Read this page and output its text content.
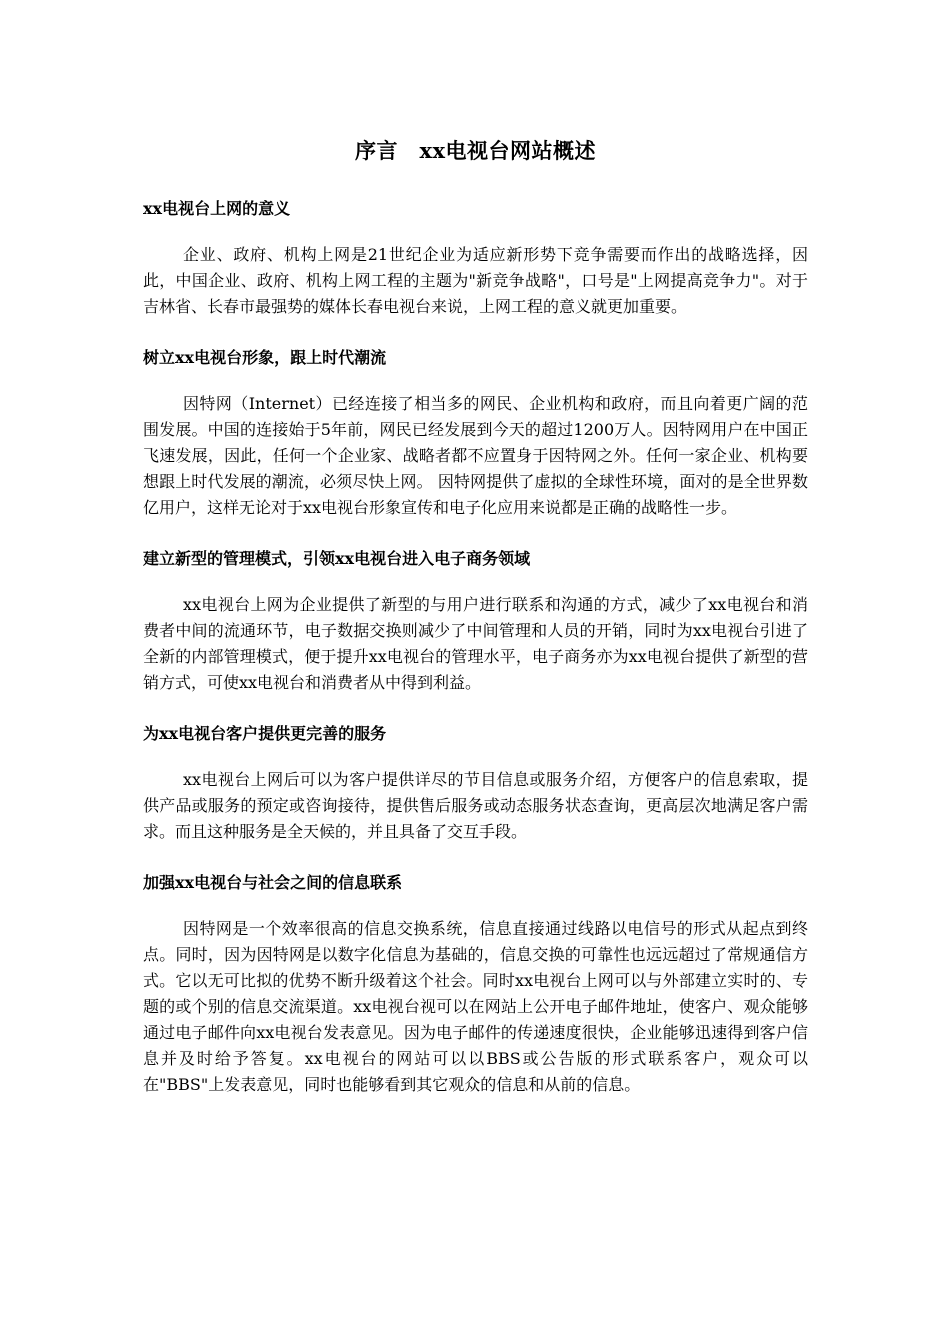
序言　xx电视台网站概述
xx电视台上网的意义

企业、政府、机构上网是21世纪企业为适应新形势下竞争需要而作出的战略选择，因此，中国企业、政府、机构上网工程的主题为"新竞争战略"，口号是"上网提高竞争力"。对于吉林省、长春市最强势的媒体长春电视台来说，上网工程的意义就更加重要。

树立xx电视台形象，跟上时代潮流

因特网（Internet）已经连接了相当多的网民、企业机构和政府，而且向着更广阔的范围发展。中国的连接始于5年前，网民已经发展到今天的超过1200万人。因特网用户在中国正飞速发展，因此，任何一个企业家、战略者都不应置身于因特网之外。任何一家企业、机构要想跟上时代发展的潮流，必须尽快上网。 因特网提供了虚拟的全球性环境，面对的是全世界数亿用户，这样无论对于xx电视台形象宣传和电子化应用来说都是正确的战略性一步。

建立新型的管理模式，引领xx电视台进入电子商务领域

xx电视台上网为企业提供了新型的与用户进行联系和沟通的方式，减少了xx电视台和消费者中间的流通环节，电子数据交换则减少了中间管理和人员的开销，同时为xx电视台引进了全新的内部管理模式，便于提升xx电视台的管理水平，电子商务亦为xx电视台提供了新型的营销方式，可使xx电视台和消费者从中得到利益。

为xx电视台客户提供更完善的服务

xx电视台上网后可以为客户提供详尽的节目信息或服务介绍，方便客户的信息索取，提供产品或服务的预定或咨询接待，提供售后服务或动态服务状态查询，更高层次地满足客户需求。而且这种服务是全天候的，并且具备了交互手段。

加强xx电视台与社会之间的信息联系

因特网是一个效率很高的信息交换系统，信息直接通过线路以电信号的形式从起点到终点。同时，因为因特网是以数字化信息为基础的，信息交换的可靠性也远远超过了常规通信方式。它以无可比拟的优势不断升级着这个社会。同时xx电视台上网可以与外部建立实时的、专题的或个别的信息交流渠道。xx电视台视可以在网站上公开电子邮件地址，使客户、观众能够通过电子邮件向xx电视台发表意见。因为电子邮件的传递速度很快，企业能够迅速得到客户信息并及时给予答复。xx电视台的网站可以以BBS或公告版的形式联系客户，观众可以在"BBS"上发表意见，同时也能够看到其它观众的信息和从前的信息。
